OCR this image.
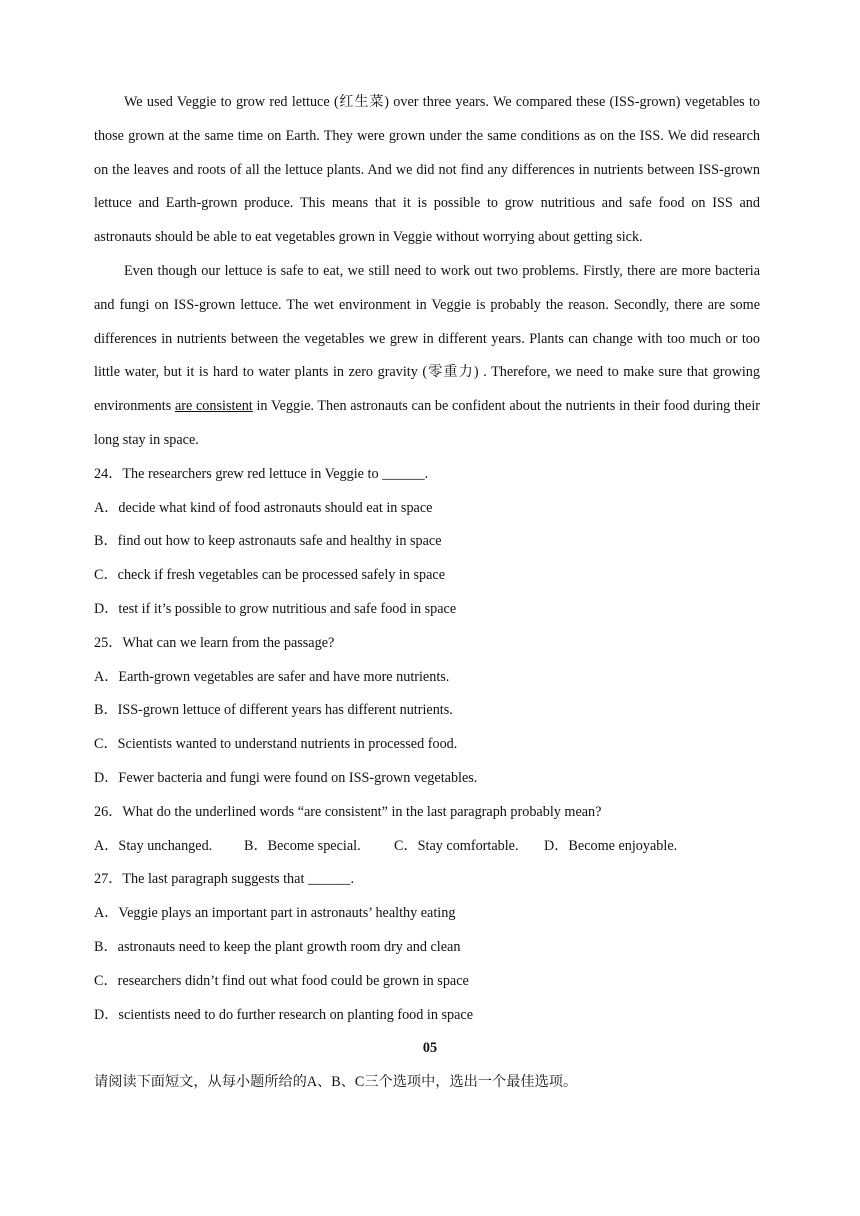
We used Veggie to grow red lettuce (红生菜) over three years. We compared these (ISS-grown) vegetables to those grown at the same time on Earth. They were grown under the same conditions as on the ISS. We did research on the leaves and roots of all the lettuce plants. And we did not find any differences in nutrients between ISS-grown lettuce and Earth-grown produce. This means that it is possible to grow nutritious and safe food on ISS and astronauts should be able to eat vegetables grown in Veggie without worrying about getting sick.

Even though our lettuce is safe to eat, we still need to work out two problems. Firstly, there are more bacteria and fungi on ISS-grown lettuce. The wet environment in Veggie is probably the reason. Secondly, there are some differences in nutrients between the vegetables we grew in different years. Plants can change with too much or too little water, but it is hard to water plants in zero gravity (零重力) . Therefore, we need to make sure that growing environments are consistent in Veggie. Then astronauts can be confident about the nutrients in their food during their long stay in space.

24．The researchers grew red lettuce in Veggie to ______.
A．decide what kind of food astronauts should eat in space
B．find out how to keep astronauts safe and healthy in space
C．check if fresh vegetables can be processed safely in space
D．test if it’s possible to grow nutritious and safe food in space
25．What can we learn from the passage?
A．Earth-grown vegetables are safer and have more nutrients.
B．ISS-grown lettuce of different years has different nutrients.
C．Scientists wanted to understand nutrients in processed food.
D．Fewer bacteria and fungi were found on ISS-grown vegetables.
26．What do the underlined words “are consistent” in the last paragraph probably mean?
A．Stay unchanged.	B．Become special.	C．Stay comfortable.	D．Become enjoyable.
27．The last paragraph suggests that ______.
A．Veggie plays an important part in astronauts’ healthy eating
B．astronauts need to keep the plant growth room dry and clean
C．researchers didn’t find out what food could be grown in space
D．scientists need to do further research on planting food in space
05
请阅读下面短文，从每小题所给的A、B、C三个选项中，选出一个最佳选项。
